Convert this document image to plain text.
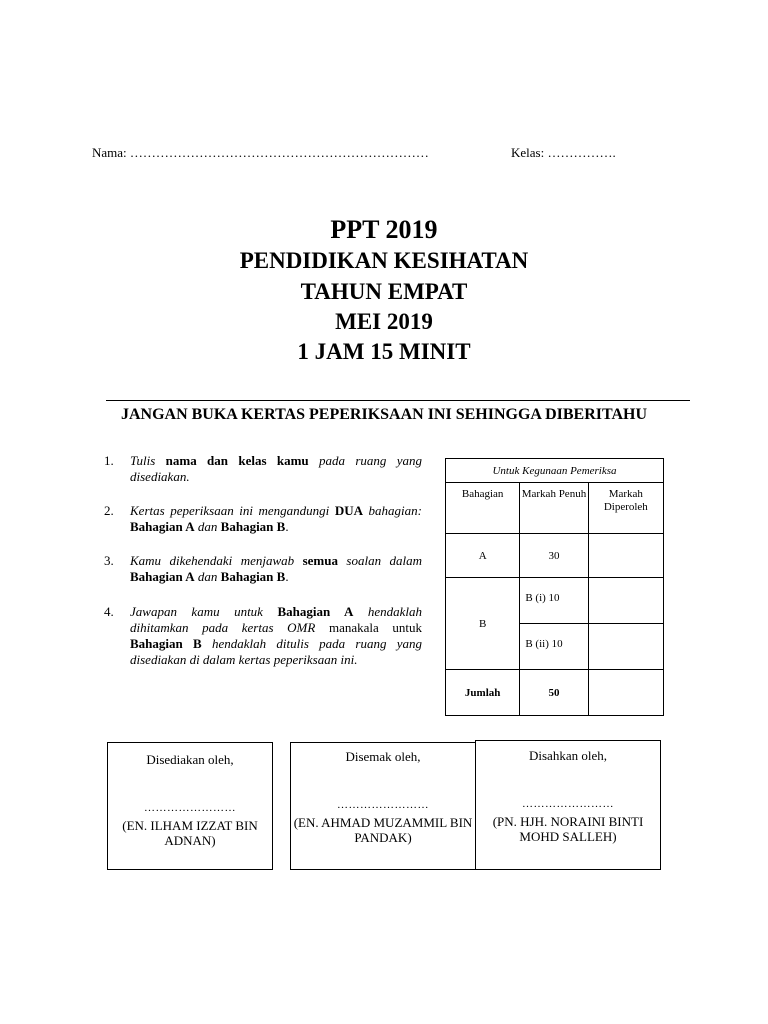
Nama: ……………………………………………………………	Kelas: …………….
PPT 2019
PENDIDIKAN KESIHATAN
TAHUN EMPAT
MEI 2019
1 JAM 15 MINIT
JANGAN BUKA KERTAS PEPERIKSAAN INI SEHINGGA DIBERITAHU
1. Tulis nama dan kelas kamu pada ruang yang disediakan.
2. Kertas peperiksaan ini mengandungi DUA bahagian: Bahagian A dan Bahagian B.
3. Kamu dikehendaki menjawab semua soalan dalam Bahagian A dan Bahagian B.
4. Jawapan kamu untuk Bahagian A hendaklah dihitamkan pada kertas OMR manakala untuk Bahagian B hendaklah ditulis pada ruang yang disediakan di dalam kertas peperiksaan ini.
Untuk Kegunaan Pemeriksa		
Bahagian	Markah Penuh	Markah Diperoleh
A	30	
B	B (i) 10	
	B (ii) 10	
Jumlah	50	
Disediakan oleh,
……………………
(EN. ILHAM IZZAT BIN ADNAN)
Disemak oleh,
……………………
(EN. AHMAD MUZAMMIL BIN PANDAK)
Disahkan oleh,
……………………
(PN. HJH. NORAINI BINTI MOHD SALLEH)
